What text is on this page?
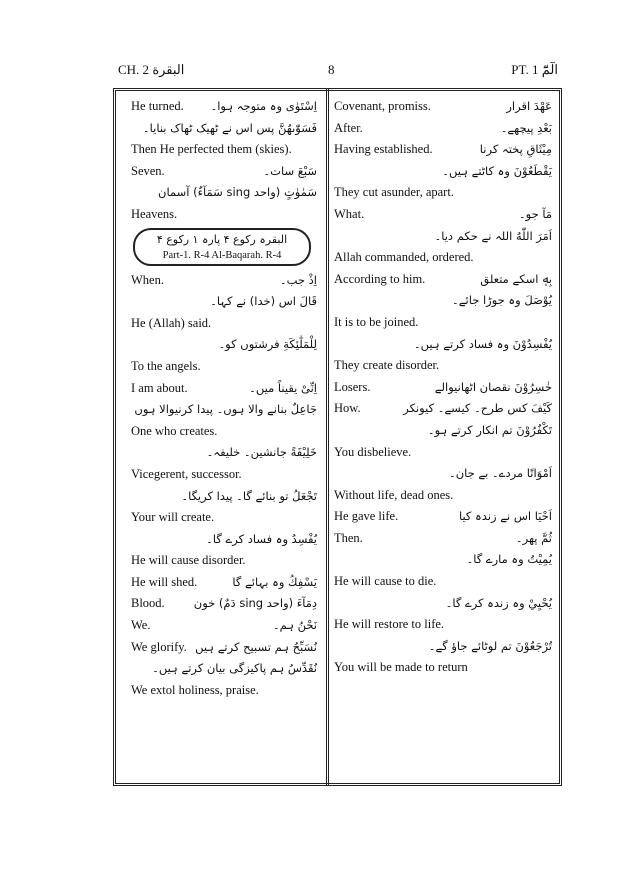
CH. 2 البقرة	8	PT. 1 الٓمّٓ
He turned. اِسْتَوٰی وہ متوجہ ہوا۔
فَسَوّٰىهُنَّ پس اس نے ٹھیک ٹھاک بنایا۔
Then He perfected them (skies).
Seven.	سَبْعَ سات۔
سَمٰوٰتٍ (واحد sing سَمَآءٌ) آسمان
Heavens.
البقرہ رکوع ۴ پارہ ۱ رکوع ۴
Part-1. R-4 Al-Baqarah. R-4
When.	اِذْ جب۔
قَالَ اس (خدا) نے کہا۔
He (Allah) said.
لِلْمَلٰٓئِكَةِ فرشتوں کو۔
To the angels.
I am about.	اِنِّیْ یقیناً میں۔
جَاعِلٌ بنانے والا ہوں۔ پیدا کرنیوالا ہوں
One who creates.
خَلِيْفَةً جانشین۔ خلیفہ۔
Vicegerent, successor.
تَجْعَلُ تو بنائے گا۔ پیدا کریگا۔
Your will create.
يُفْسِدُ وہ فساد کرے گا۔
He will cause disorder.
He will shed.	يَسْفِكُ وہ بہائے گا
Blood.	دِمَآءَ (واحد sing دَمٌ) خون
We.	نَحْنُ ہم۔
We glorify. نُسَبِّحُ ہم تسبیح کرتے ہیں
نُقَدِّسُ ہم پاکیزگی بیان کرتے ہیں۔
We extol holiness, praise.
Covenant, promiss.	عَهْدَ اقرار
After.	بَعْدِ پیچھے۔
Having established.	مِيْثَاقِ پختہ کرنا
يَقْطَعُوْنَ وہ کاٹتے ہیں۔
They cut asunder, apart.
What.	مَآ جو۔
اَمَرَ اللّٰهُ اللہ نے حکم دیا۔
Allah commanded, ordered.
According to him.	بِهٖ اسکے متعلق
يُوْصَلَ وہ جوڑا جائے۔
It is to be joined.
يُفْسِدُوْنَ وہ فساد کرتے ہیں۔
They create disorder.
Losers.	خٰسِرُوْنَ نقصان اٹھانیوالے
How.	كَيْفَ کس طرح۔ کیسے۔ کیونکر
تَكْفُرُوْنَ تم انکار کرتے ہو۔
You disbelieve.
اَمْوَاتًا مردے۔ بے جان۔
Without life, dead ones.
He gave life.	اَحْيَا اس نے زندہ کیا
Then.	ثُمَّ پھر۔
يُمِيْتُ وہ مارے گا۔
He will cause to die.
يُحْيِيْ وہ زندہ کرے گا۔
He will restore to life.
تُرْجَعُوْنَ تم لوٹائے جاؤ گے۔
You will be made to return
